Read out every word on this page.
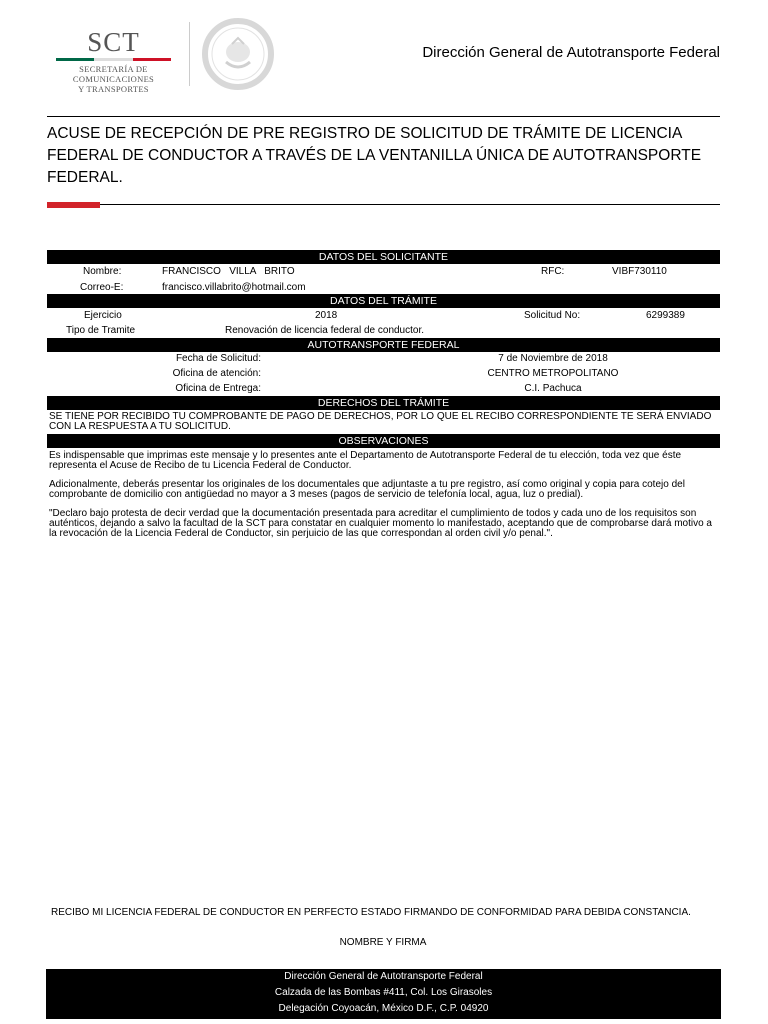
SCT
SECRETARÍA DE
COMUNICACIONES
Y TRANSPORTES
Dirección General de Autotransporte Federal
ACUSE DE RECEPCIÓN DE PRE REGISTRO DE SOLICITUD DE TRÁMITE DE LICENCIA FEDERAL DE CONDUCTOR A TRAVÉS DE LA VENTANILLA ÚNICA DE AUTOTRANSPORTE FEDERAL.
DATOS DEL SOLICITANTE
Nombre:	FRANCISCO   VILLA   BRITO	RFC:	VIBF730110
Correo-E:	francisco.villabrito@hotmail.com
DATOS DEL TRÁMITE
Ejercicio	2018	Solicitud No:	6299389
Tipo de Tramite	Renovación de licencia federal de conductor.
AUTOTRANSPORTE FEDERAL
Fecha de Solicitud:	7 de Noviembre de 2018
Oficina de atención:	CENTRO METROPOLITANO
Oficina de Entrega:	C.I. Pachuca
DERECHOS DEL TRÁMITE
SE TIENE POR RECIBIDO TU COMPROBANTE DE PAGO DE DERECHOS, POR LO QUE EL RECIBO CORRESPONDIENTE TE SERÁ ENVIADO CON LA RESPUESTA A TU SOLICITUD.
OBSERVACIONES
Es indispensable que imprimas este mensaje y lo presentes ante el Departamento de Autotransporte Federal de tu elección, toda vez que éste representa el Acuse de Recibo de tu Licencia Federal de Conductor.
Adicionalmente, deberás presentar los originales de los documentales que adjuntaste a tu pre registro, así como original y copia para cotejo del comprobante de domicilio con antigüedad no mayor a 3 meses (pagos de servicio de telefonía local, agua, luz o predial).
"Declaro bajo protesta de decir verdad que la documentación presentada para acreditar el cumplimiento de todos y cada uno de los requisitos son auténticos, dejando a salvo la facultad de la SCT para constatar en cualquier momento lo manifestado, aceptando que de comprobarse dará motivo a la revocación de la Licencia Federal de Conductor, sin perjuicio de las que correspondan al orden civil y/o penal.".
RECIBO MI LICENCIA FEDERAL DE CONDUCTOR EN PERFECTO ESTADO FIRMANDO DE CONFORMIDAD PARA DEBIDA CONSTANCIA.
NOMBRE Y FIRMA
Dirección General de Autotransporte Federal
Calzada de las Bombas #411, Col. Los Girasoles
Delegación Coyoacán, México D.F., C.P. 04920
